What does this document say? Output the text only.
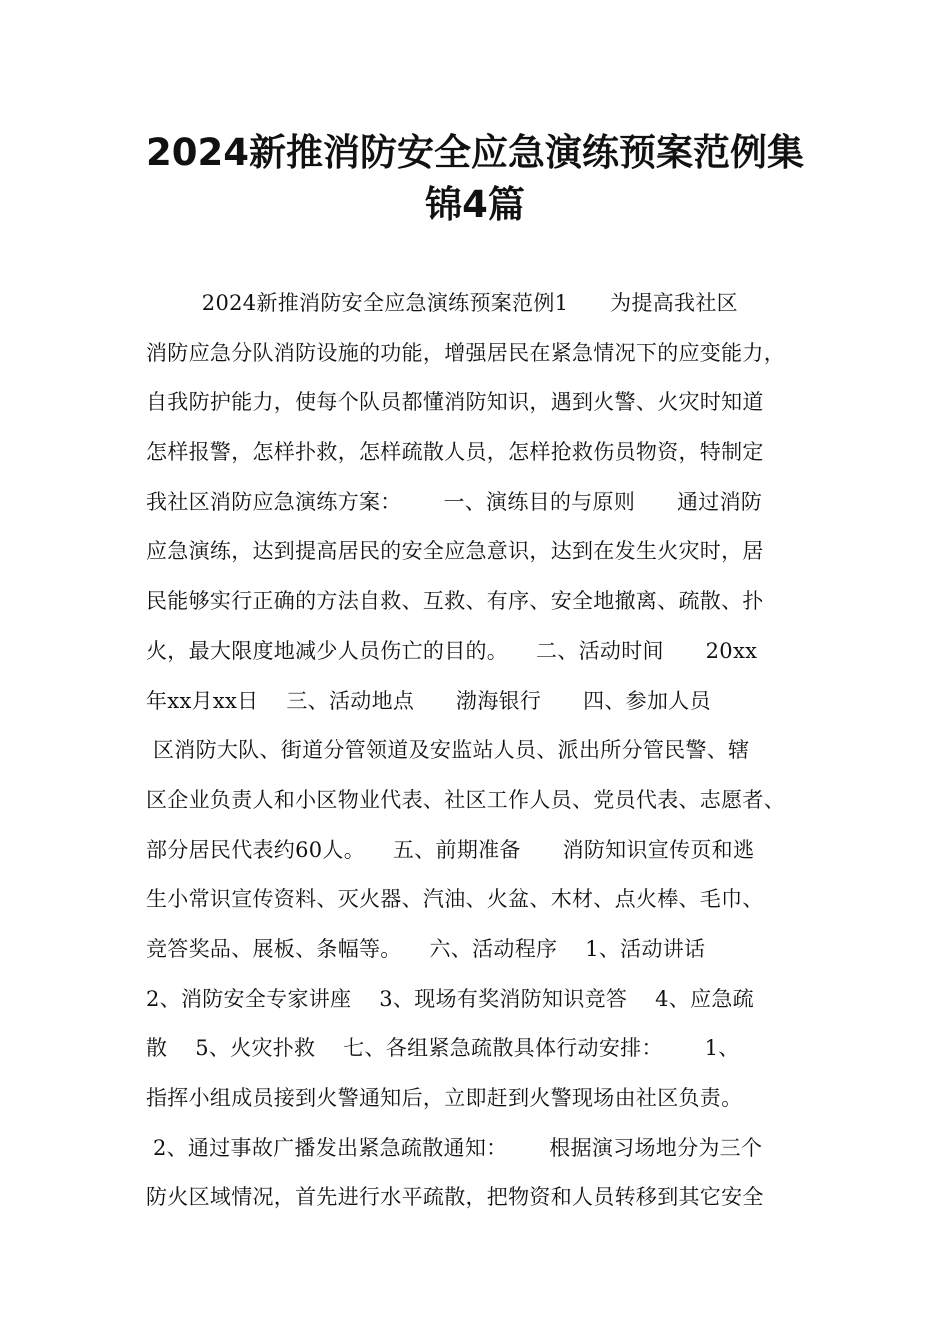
2024新推消防安全应急演练预案范例集
锦4篇
2024新推消防安全应急演练预案范例1      为提高我社区
消防应急分队消防设施的功能，增强居民在紧急情况下的应变能力，
自我防护能力，使每个队员都懂消防知识，遇到火警、火灾时知道
怎样报警，怎样扑救，怎样疏散人员，怎样抢救伤员物资，特制定
我社区消防应急演练方案：      一、演练目的与原则      通过消防
应急演练，达到提高居民的安全应急意识，达到在发生火灾时，居
民能够实行正确的方法自救、互救、有序、安全地撤离、疏散、扑
火，最大限度地减少人员伤亡的目的。    二、活动时间      20xx
年xx月xx日    三、活动地点      渤海银行      四、参加人员
区消防大队、街道分管领道及安监站人员、派出所分管民警、辖
区企业负责人和小区物业代表、社区工作人员、党员代表、志愿者、
部分居民代表约60人。    五、前期准备      消防知识宣传页和逃
生小常识宣传资料、灭火器、汽油、火盆、木材、点火棒、毛巾、
竞答奖品、展板、条幅等。    六、活动程序    1、活动讲话
2、消防安全专家讲座    3、现场有奖消防知识竞答    4、应急疏
散    5、火灾扑救    七、各组紧急疏散具体行动安排：      1、
指挥小组成员接到火警通知后，立即赶到火警现场由社区负责。
2、通过事故广播发出紧急疏散通知：      根据演习场地分为三个
防火区域情况，首先进行水平疏散，把物资和人员转移到其它安全
